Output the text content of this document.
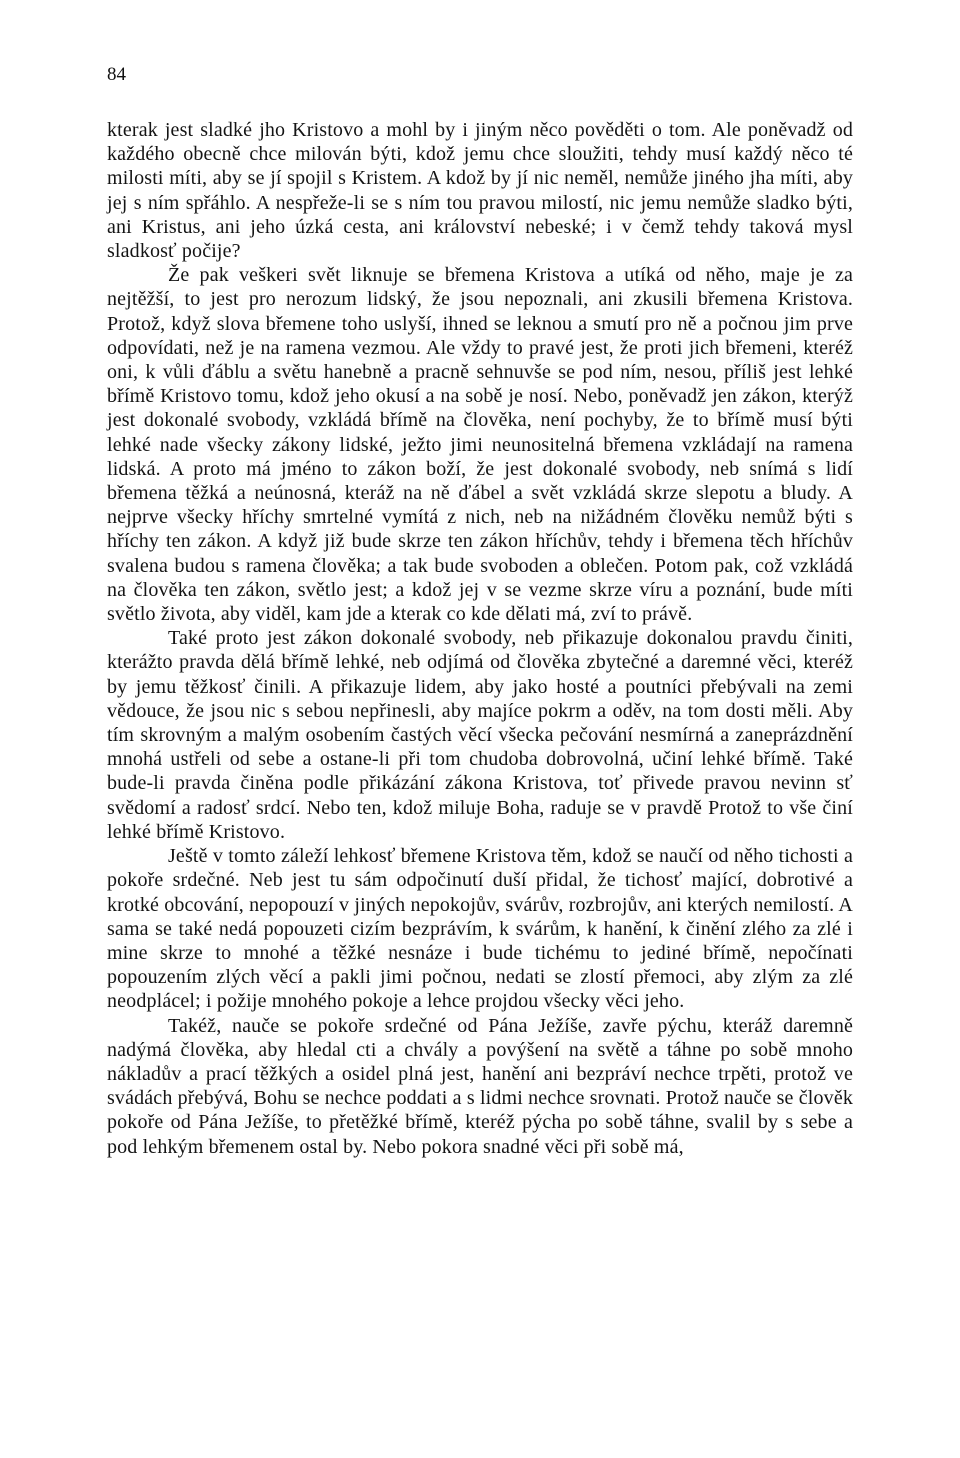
84

kterak jest sladké jho Kristovo a mohl by i jiným něco pověděti o tom. Ale poněvadž od každého obecně chce milován býti, kdož jemu chce sloužiti, tehdy musí každý něco té milosti míti, aby se jí spojil s Kristem. A kdož by jí nic neměl, nemůže jiného jha míti, aby jej s ním spřáhlo. A nespřeže-li se s ním tou pravou milostí, nic jemu nemůže sladko býti, ani Kristus, ani jeho úzká cesta, ani království nebeské; i v čemž tehdy taková mysl sladkosť počije?

Že pak veškeri svět liknuje se břemena Kristova a utíká od něho, maje je za nejtěžší, to jest pro nerozum lidský, že jsou nepoznali, ani zkusili břemena Kristova. Protož, když slova břemene toho uslyší, ihned se leknou a smutí pro ně a počnou jim prve odpovídati, než je na ramena vezmou. Ale vždy to pravé jest, že proti jich břemeni, kteréž oni, k vůli ďáblu a světu hanebně a pracně sehnuvše se pod ním, nesou, příliš jest lehké břímě Kristovo tomu, kdož jeho okusí a na sobě je nosí. Nebo, poněvadž jen zákon, kterýž jest dokonalé svobody, vzkládá břímě na člověka, není pochyby, že to břímě musí býti lehké nade všecky zákony lidské, ježto jimi neunositelná břemena vzkládají na ramena lidská. A proto má jméno to zákon boží, že jest dokonalé svobody, neb snímá s lidí břemena těžká a neúnosná, kteráž na ně ďábel a svět vzkládá skrze slepotu a bludy. A nejprve všecky hříchy smrtelné vymítá z nich, neb na nižádném člověku nemůž býti s hříchy ten zákon. A když již bude skrze ten zákon hříchův, tehdy i břemena těch hříchův svalena budou s ramena člověka; a tak bude svoboden a oblečen. Potom pak, což vzkládá na člověka ten zákon, světlo jest; a kdož jej v se vezme skrze víru a poznání, bude míti světlo života, aby viděl, kam jde a kterak co kde dělati má, zví to právě.

Také proto jest zákon dokonalé svobody, neb přikazuje dokonalou pravdu činiti, kterážto pravda dělá břímě lehké, neb odjímá od člověka zbytečné a daremné věci, kteréž by jemu těžkosť činili. A přikazuje lidem, aby jako hosté a poutníci přebývali na zemi vědouce, že jsou nic s sebou nepřinesli, aby majíce pokrm a oděv, na tom dosti měli. Aby tím skrovným a malým osobením častých věcí všecka pečování nesmírná a zaneprázdnění mnohá ustřeli od sebe a ostane-li při tom chudoba dobrovolná, učiní lehké břímě. Také bude-li pravda činěna podle přikázání zákona Kristova, toť přivede pravou nevinn sť svědomí a radosť srdcí. Nebo ten, kdož miluje Boha, raduje se v pravdě Protož to vše činí lehké břímě Kristovo.

Ještě v tomto záleží lehkosť břemene Kristova těm, kdož se naučí od něho tichosti a pokoře srdečné. Neb jest tu sám odpočinutí duší přidal, že tichosť mající, dobrotivé a krotké obcování, nepopouzí v jiných nepokojův, svárův, rozbrojův, ani kterých nemilostí. A sama se také nedá popouzeti cizím bezprávím, k svárům, k hanění, k činění zlého za zlé i mine skrze to mnohé a těžké nesnáze i bude tichému to jediné břímě, nepočínati popouzením zlých věcí a pakli jimi počnou, nedati se zlostí přemoci, aby zlým za zlé neodplácel; i požije mnohého pokoje a lehce projdou všecky věci jeho.

Takéž, nauče se pokoře srdečné od Pána Ježíše, zavře pýchu, kteráž daremně nadýmá člověka, aby hledal cti a chvály a povýšení na světě a táhne po sobě mnoho nákladův a prací těžkých a osidel plná jest, hanění ani bezpráví nechce trpěti, protož ve svádách přebývá, Bohu se nechce poddati a s lidmi nechce srovnati. Protož nauče se člověk pokoře od Pána Ježíše, to přetěžké břímě, kteréž pýcha po sobě táhne, svalil by s sebe a pod lehkým břemenem ostal by. Nebo pokora snadné věci při sobě má,
